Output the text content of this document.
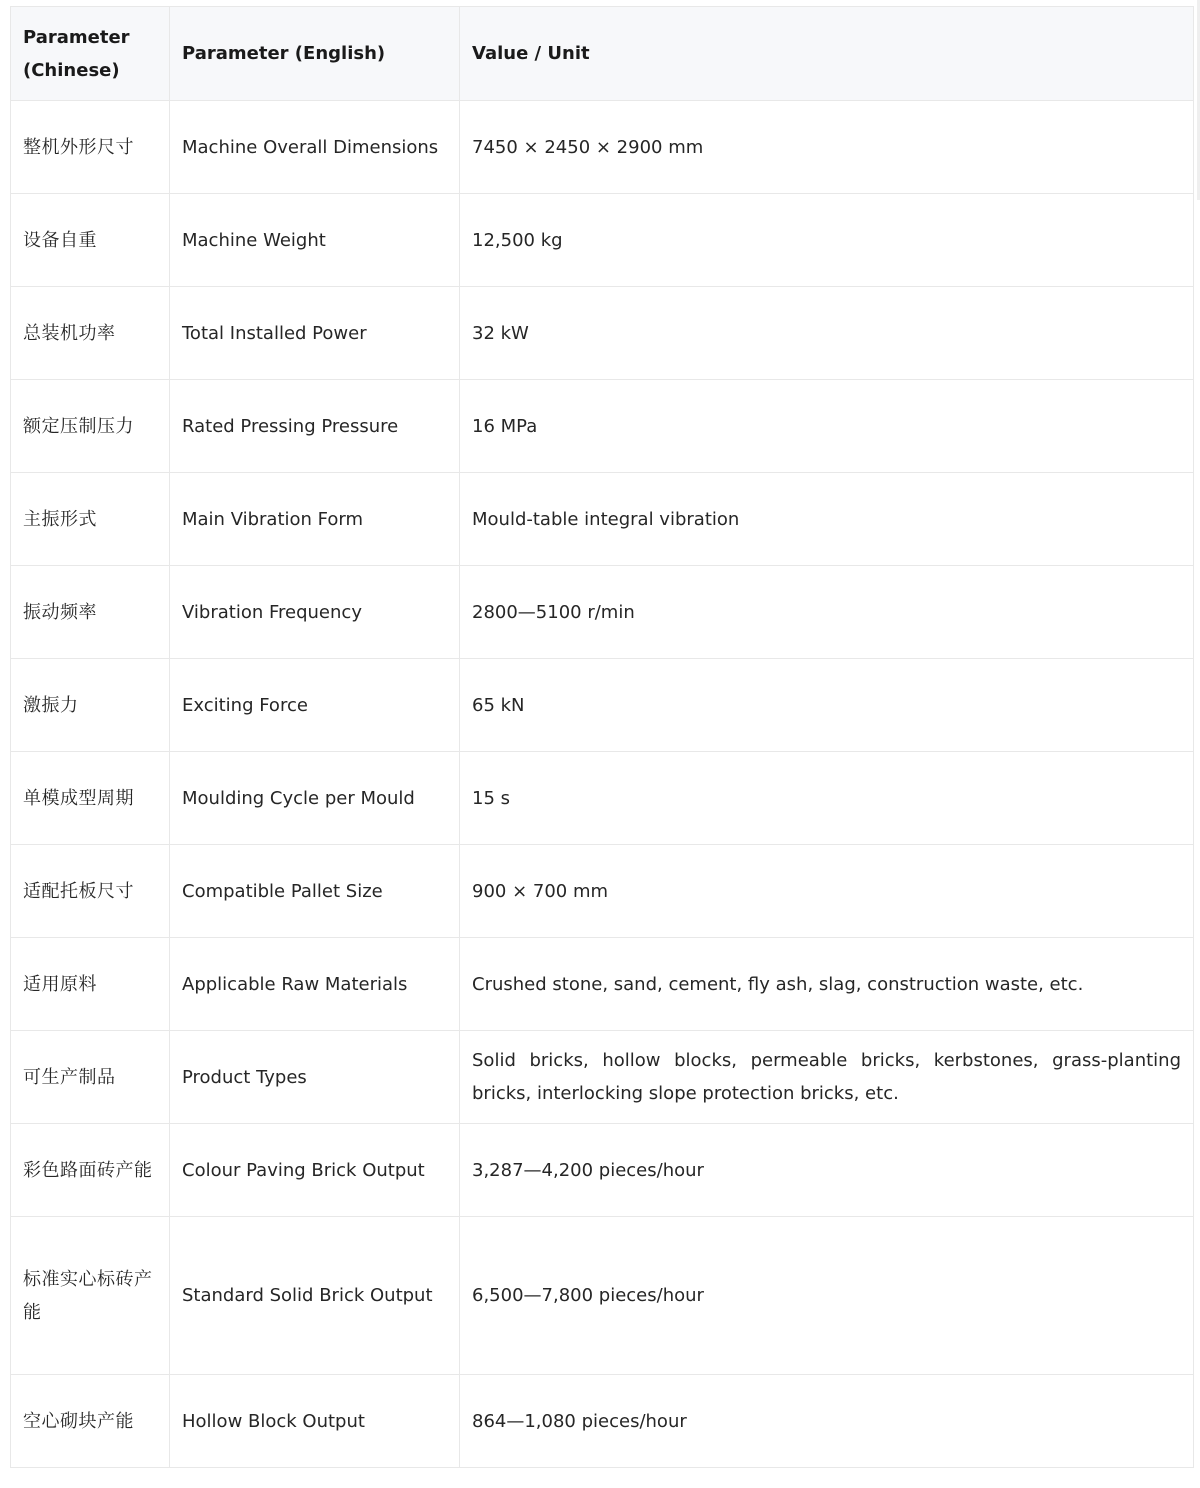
Parameter (Chinese)	Parameter (English)	Value / Unit
整机外形尺寸	Machine Overall Dimensions	7450 × 2450 × 2900 mm
设备自重	Machine Weight	12,500 kg
总装机功率	Total Installed Power	32 kW
额定压制压力	Rated Pressing Pressure	16 MPa
主振形式	Main Vibration Form	Mould-table integral vibration
振动频率	Vibration Frequency	2800—5100 r/min
激振力	Exciting Force	65 kN
单模成型周期	Moulding Cycle per Mould	15 s
适配托板尺寸	Compatible Pallet Size	900 × 700 mm
适用原料	Applicable Raw Materials	Crushed stone, sand, cement, fly ash, slag, construction waste, etc.
可生产制品	Product Types	Solid bricks, hollow blocks, permeable bricks, kerbstones, grass-planting bricks, interlocking slope protection bricks, etc.
彩色路面砖产能	Colour Paving Brick Output	3,287—4,200 pieces/hour
标准实心标砖产能	Standard Solid Brick Output	6,500—7,800 pieces/hour
空心砌块产能	Hollow Block Output	864—1,080 pieces/hour
